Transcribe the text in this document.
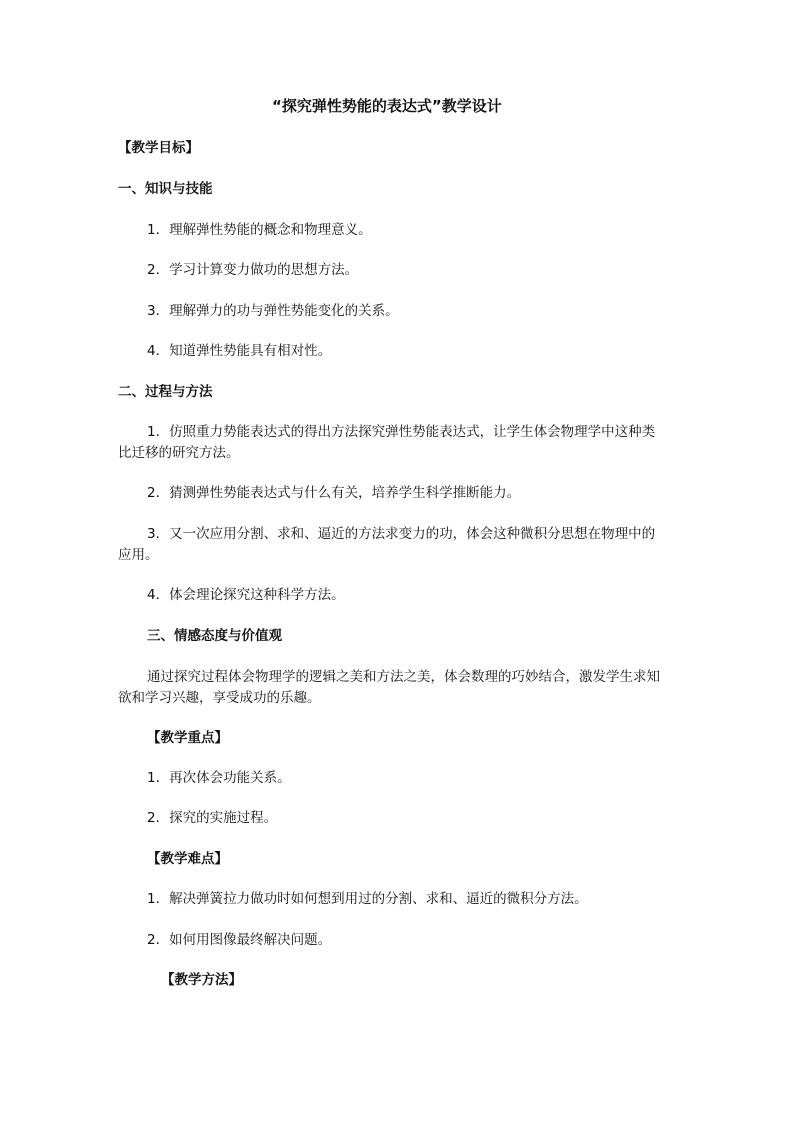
“探究弹性势能的表达式”教学设计
【教学目标】
一、知识与技能
1．理解弹性势能的概念和物理意义。
2．学习计算变力做功的思想方法。
3．理解弹力的功与弹性势能变化的关系。
4．知道弹性势能具有相对性。
二、过程与方法
1．仿照重力势能表达式的得出方法探究弹性势能表达式，让学生体会物理学中这种类
比迁移的研究方法。
2．猜测弹性势能表达式与什么有关，培养学生科学推断能力。
3．又一次应用分割、求和、逼近的方法求变力的功，体会这种微积分思想在物理中的
应用。
4．体会理论探究这种科学方法。
三、情感态度与价值观
通过探究过程体会物理学的逻辑之美和方法之美，体会数理的巧妙结合，激发学生求知
欲和学习兴趣，享受成功的乐趣。
【教学重点】
1．再次体会功能关系。
2．探究的实施过程。
【教学难点】
1．解决弹簧拉力做功时如何想到用过的分割、求和、逼近的微积分方法。
2．如何用图像最终解决问题。
【教学方法】
